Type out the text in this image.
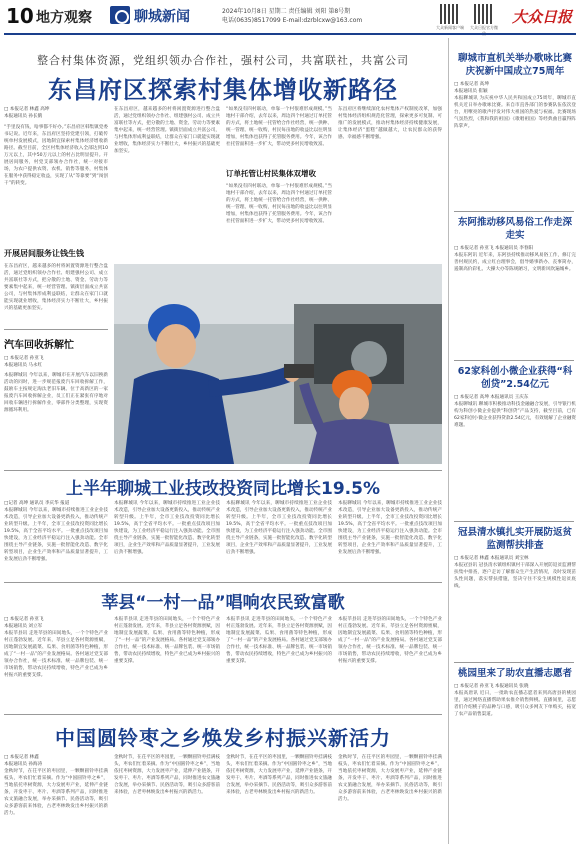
10 地方观察	聊城新闻	2024年10月8日 星期二 责任编辑 刘阳 第8号期
电话(0635)8517099 E-mail:dzrblcxw@163.com
大众新闻客户端 大众日报官方微
大众日报
整合村集体资源，党组织领办合作社，强村公司，共富联社，共富公司
东昌府区探索村集体增收新路径
□ 本报记者 林鑫 高坤
本报通讯员 孙长鹤
“手里没有钱，啥事都不好办。”东昌府区韩集镇党委书记说。近年来，东昌府区坚持党建引领，打破传统单村发展模式，因地制宜探索村集体经济增收新路径。截至目前，全区村集体经济收入全部达到10万元以上，其中50万元以上的村占比明显提升。开展居间服务，村党支部领办合作社，统一对接市场，为农户提供农资、农机、销售等服务，村集体在服务中获得稳定收益，实现了从“等靠要”到“闯创干”的转变。
开展居间服务让钱生钱
在东昌府区，越来越多的村将闲置资源进行整合盘活，通过党组织领办合作社、组建强村公司、成立共富联社等方式，把分散的土地、资金、劳动力等要素集中起来，统一经营管理。镇街层面成立共富公司，与村集体形成利益联结，让群众在家门口就能实现就业增收，集体经济实力不断壮大，乡村振兴的基础更加坚实。
汽车回收拆解忙
□ 本报记者 孙亚飞
本报通讯员 马永红
本报聊城讯 今年以来，聊城市在开展汽车以旧换新活动的同时，进一步规范报废汽车回收拆解工作，鼓励车主按规定淘汰老旧车辆。位于高新区的一家报废汽车回收拆解企业，员工们正在紧张有序地对回收车辆进行拆解作业，零部件分类整理，实现资源循环利用。
在东昌府区，越来越多的村将闲置资源进行整合盘活，通过党组织领办合作社、组建强村公司、成立共富联社等方式，把分散的土地、资金、劳动力等要素集中起来，统一经营管理。镇街层面成立共富公司，与村集体形成利益联结，让群众在家门口就能实现就业增收，集体经济实力不断壮大，乡村振兴的基础更加坚实。
“如果没有四村联动，单靠一个村很难形成规模。”当地村干部介绍，去年以来，周边四个村通过订单托管的方式，将土地统一托管给合作社经营，统一供种、统一管理、统一收购，村民每亩地的收益比以往明显增加，村集体也获得了托管服务费用。今年，该合作社托管面积进一步扩大，带动更多村民增收致富。
订单托管让村民集体双增收
“如果没有四村联动，单靠一个村很难形成规模。”当地村干部介绍，去年以来，周边四个村通过订单托管的方式，将土地统一托管给合作社经营，统一供种、统一管理、统一收购，村民每亩地的收益比以往明显增加，村集体也获得了托管服务费用。今年，该合作社托管面积进一步扩大，带动更多村民增收致富。
东昌府区将继续深化农村集体产权制度改革，加强村集体经济组织规范化管理，探索更多可复制、可推广的发展模式，推动村集体经济持续健康发展，让集体经济“蛋糕”越做越大，让农民群众的获得感、幸福感不断增强。
上半年聊城工业技改投资同比增长19.5%
□记者 高坤 通讯员 李庆华 报道
本报聊城讯 今年以来，聊城市持续推进工业企业技术改造，引导企业加大设备更新投入，推动传统产业转型升级。上半年，全市工业技改投资同比增长19.5%，高于全省平均水平。一批重点技改项目加快建设，为工业经济平稳运行注入强劲动能。全市围绕主导产业链条，实施一批智能化改造、数字化转型项目，企业生产效率和产品质量显著提升，工业发展后劲不断增强。
本报聊城讯 今年以来，聊城市持续推进工业企业技术改造，引导企业加大设备更新投入，推动传统产业转型升级。上半年，全市工业技改投资同比增长19.5%，高于全省平均水平。一批重点技改项目加快建设，为工业经济平稳运行注入强劲动能。全市围绕主导产业链条，实施一批智能化改造、数字化转型项目，企业生产效率和产品质量显著提升，工业发展后劲不断增强。
本报聊城讯 今年以来，聊城市持续推进工业企业技术改造，引导企业加大设备更新投入，推动传统产业转型升级。上半年，全市工业技改投资同比增长19.5%，高于全省平均水平。一批重点技改项目加快建设，为工业经济平稳运行注入强劲动能。全市围绕主导产业链条，实施一批智能化改造、数字化转型项目，企业生产效率和产品质量显著提升，工业发展后劲不断增强。
本报聊城讯 今年以来，聊城市持续推进工业企业技术改造，引导企业加大设备更新投入，推动传统产业转型升级。上半年，全市工业技改投资同比增长19.5%，高于全省平均水平。一批重点技改项目加快建设，为工业经济平稳运行注入强劲动能。全市围绕主导产业链条，实施一批智能化改造、数字化转型项目，企业生产效率和产品质量显著提升，工业发展后劲不断增强。
莘县“一村一品”唱响农民致富歌
□ 本报记者 孙亚飞
本报通讯员 刘立军
本报莘县讯 走进莘县的田间地头，一个个特色产业村正蓬勃发展。近年来，莘县立足各村资源禀赋，因地制宜发展蔬菜、瓜果、食用菌等特色种植，形成了“一村一品”的产业发展格局。各村通过党支部领办合作社，统一技术标准、统一品牌包装、统一市场销售，带动农民持续增收，特色产业已成为乡村振兴的重要支撑。
本报莘县讯 走进莘县的田间地头，一个个特色产业村正蓬勃发展。近年来，莘县立足各村资源禀赋，因地制宜发展蔬菜、瓜果、食用菌等特色种植，形成了“一村一品”的产业发展格局。各村通过党支部领办合作社，统一技术标准、统一品牌包装、统一市场销售，带动农民持续增收，特色产业已成为乡村振兴的重要支撑。
本报莘县讯 走进莘县的田间地头，一个个特色产业村正蓬勃发展。近年来，莘县立足各村资源禀赋，因地制宜发展蔬菜、瓜果、食用菌等特色种植，形成了“一村一品”的产业发展格局。各村通过党支部领办合作社，统一技术标准、统一品牌包装、统一市场销售，带动农民持续增收，特色产业已成为乡村振兴的重要支撑。
本报莘县讯 走进莘县的田间地头，一个个特色产业村正蓬勃发展。近年来，莘县立足各村资源禀赋，因地制宜发展蔬菜、瓜果、食用菌等特色种植，形成了“一村一品”的产业发展格局。各村通过党支部领办合作社，统一技术标准、统一品牌包装、统一市场销售，带动农民持续增收，特色产业已成为乡村振兴的重要支撑。
中国圆铃枣之乡焕发乡村振兴新活力
□ 本报记者 林鑫
本报通讯员 孙海涛
金秋时节，在茌平区的枣园里，一颗颗圆铃枣挂满枝头，枣农们忙着采摘。作为“中国圆铃枣之乡”，当地依托枣树资源，大力发展枣产业，延伸产业链条，开发枣干、枣片、枣酒等系列产品，同时推进农文旅融合发展，举办采摘节、民俗活动等，吸引众多游客前来体验，古老枣林焕发出乡村振兴的新活力。
金秋时节，在茌平区的枣园里，一颗颗圆铃枣挂满枝头，枣农们忙着采摘。作为“中国圆铃枣之乡”，当地依托枣树资源，大力发展枣产业，延伸产业链条，开发枣干、枣片、枣酒等系列产品，同时推进农文旅融合发展，举办采摘节、民俗活动等，吸引众多游客前来体验，古老枣林焕发出乡村振兴的新活力。
金秋时节，在茌平区的枣园里，一颗颗圆铃枣挂满枝头，枣农们忙着采摘。作为“中国圆铃枣之乡”，当地依托枣树资源，大力发展枣产业，延伸产业链条，开发枣干、枣片、枣酒等系列产品，同时推进农文旅融合发展，举办采摘节、民俗活动等，吸引众多游客前来体验，古老枣林焕发出乡村振兴的新活力。
金秋时节，在茌平区的枣园里，一颗颗圆铃枣挂满枝头，枣农们忙着采摘。作为“中国圆铃枣之乡”，当地依托枣树资源，大力发展枣产业，延伸产业链条，开发枣干、枣片、枣酒等系列产品，同时推进农文旅融合发展，举办采摘节、民俗活动等，吸引众多游客前来体验，古老枣林焕发出乡村振兴的新活力。
聊城市直机关举办歌咏比赛庆祝新中国成立75周年
□ 本报记者 高坤
本报通讯员 崔颖
本报聊城讯 为庆祝中华人民共和国成立75周年，聊城市直机关近日举办歌咏比赛。来自市直各部门的参赛队伍依次登台，用嘹亮的歌声抒发对伟大祖国的热爱与祝福。比赛现场气氛热烈，《我和我的祖国》《歌唱祖国》等经典曲目赢得阵阵掌声。
东阿推动移风易俗工作走深走实
□ 本报记者 孙亚飞 本报通讯员 李春阳
本报东阿讯 近年来，东阿县持续推动移风易俗工作，修订完善村规民约，成立红白理事会，倡导婚事新办、丧事简办，遏制高价彩礼、大操大办等陈规陋习，文明新风吹遍城乡。
62家科创小微企业获得“科创贷”2.54亿元
□ 本报记者 高坤 本报通讯员 王庆东
本报聊城讯 聊城市积极推动科技金融融合发展，引导银行机构为科创小微企业提供“科创贷”产品支持，截至目前，已有62家科创小微企业获得贷款2.54亿元，有效缓解了企业融资难题。
冠县清水镇扎实开展防返贫监测帮扶排查
□ 本报记者 林鑫 本报通讯员 刘宝林
本报冠县讯 冠县清水镇组织镇村干部深入开展防返贫监测帮扶集中排查，逐户走访了解群众生产生活情况，及时发现苗头性问题，落实帮扶措施，坚决守住不发生规模性返贫底线。
桃园里来了助农直播志愿者
□ 本报记者 孙亚飞 本报通讯员 张晓
本报高唐讯 近日，一批助农直播志愿者来到高唐县的桃园里，通过网络直播帮助果农推介销售鲜桃。直播间里，志愿者们介绍桃子的品种与口感，吸引众多网友下单购买，拓宽了农产品销售渠道。
